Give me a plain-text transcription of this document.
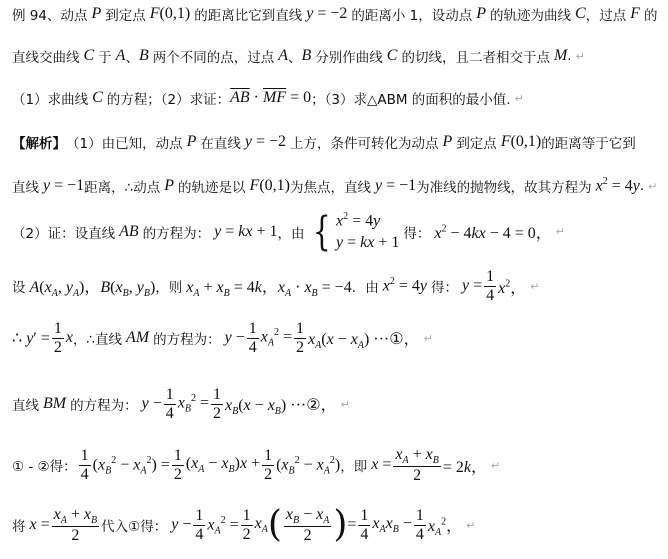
例 94、动点 P 到定点 F(0,1) 的距离比它到直线 y = −2 的距离小 1，设动点 P 的轨迹为曲线 C ，过点 F 的
直线交曲线 C 于 A 、 B 两个不同的点，过点 A 、 B 分别作曲线 C 的切线，且二者相交于点 M . ↵
（1）求曲线 C 的方程；（2）求证： $\overline{AB} \cdot \overline{MF} = 0$ ；（3）求△ABM 的面积的最小值. ↵
【解析】 （1）由已知，动点 P 在直线 y = −2 上方，条件可转化为动点 P 到定点 F(0,1) 的距离等于它到
直线 y = −1 距离，∴动点 P 的轨迹是以 F(0,1) 为焦点，直线 y = −1 为准线的抛物线，故其方程为 $x^2 = 4y$ . ↵
（2）证：设直线 AB 的方程为： y = kx + 1 ，由 { $x^2 = 4y$
y = kx + 1
得： $x^2 - 4kx - 4 = 0$， ↵
设 $A(x_A$, $y_A$)，$B(x_B$, $y_B$) ，则 $x_A + x_B = 4k$，$x_A \cdot x_B = -4$ ．由 $x^2 = 4y$ 得： $y = \frac{1}{4} x^2$， ↵
∴ $y' = \frac{1}{2}$ x ，∴直线 AM 的方程为： $y - \frac{1}{4} x_A^2 = \frac{1}{2} x_A(x - x_A)$ ···①， ↵
直线 BM 的方程为： $y - \frac{1}{4} x_B^2 = \frac{1}{2} x_B(x - x_B)$ ···②， ↵
① - ②得： $\frac{1}{4} (x_B^2 - x_A^2) = \frac{1}{2} (x_A - x_B)x + \frac{1}{2} (x_B^2 - x_A^2)$ ，即 $x = \frac{x_A + x_B}{2} = 2k$， ↵
将 $x = \frac{x_A + x_B}{2}$ 代入①得： $y - \frac{1}{4} x_A^2 = \frac{1}{2} x_A$ ( $\frac{x_B - x_A}{2}$ ) = $\frac{1}{4} x_Ax_B - \frac{1}{4} x_A^2$， ↵
